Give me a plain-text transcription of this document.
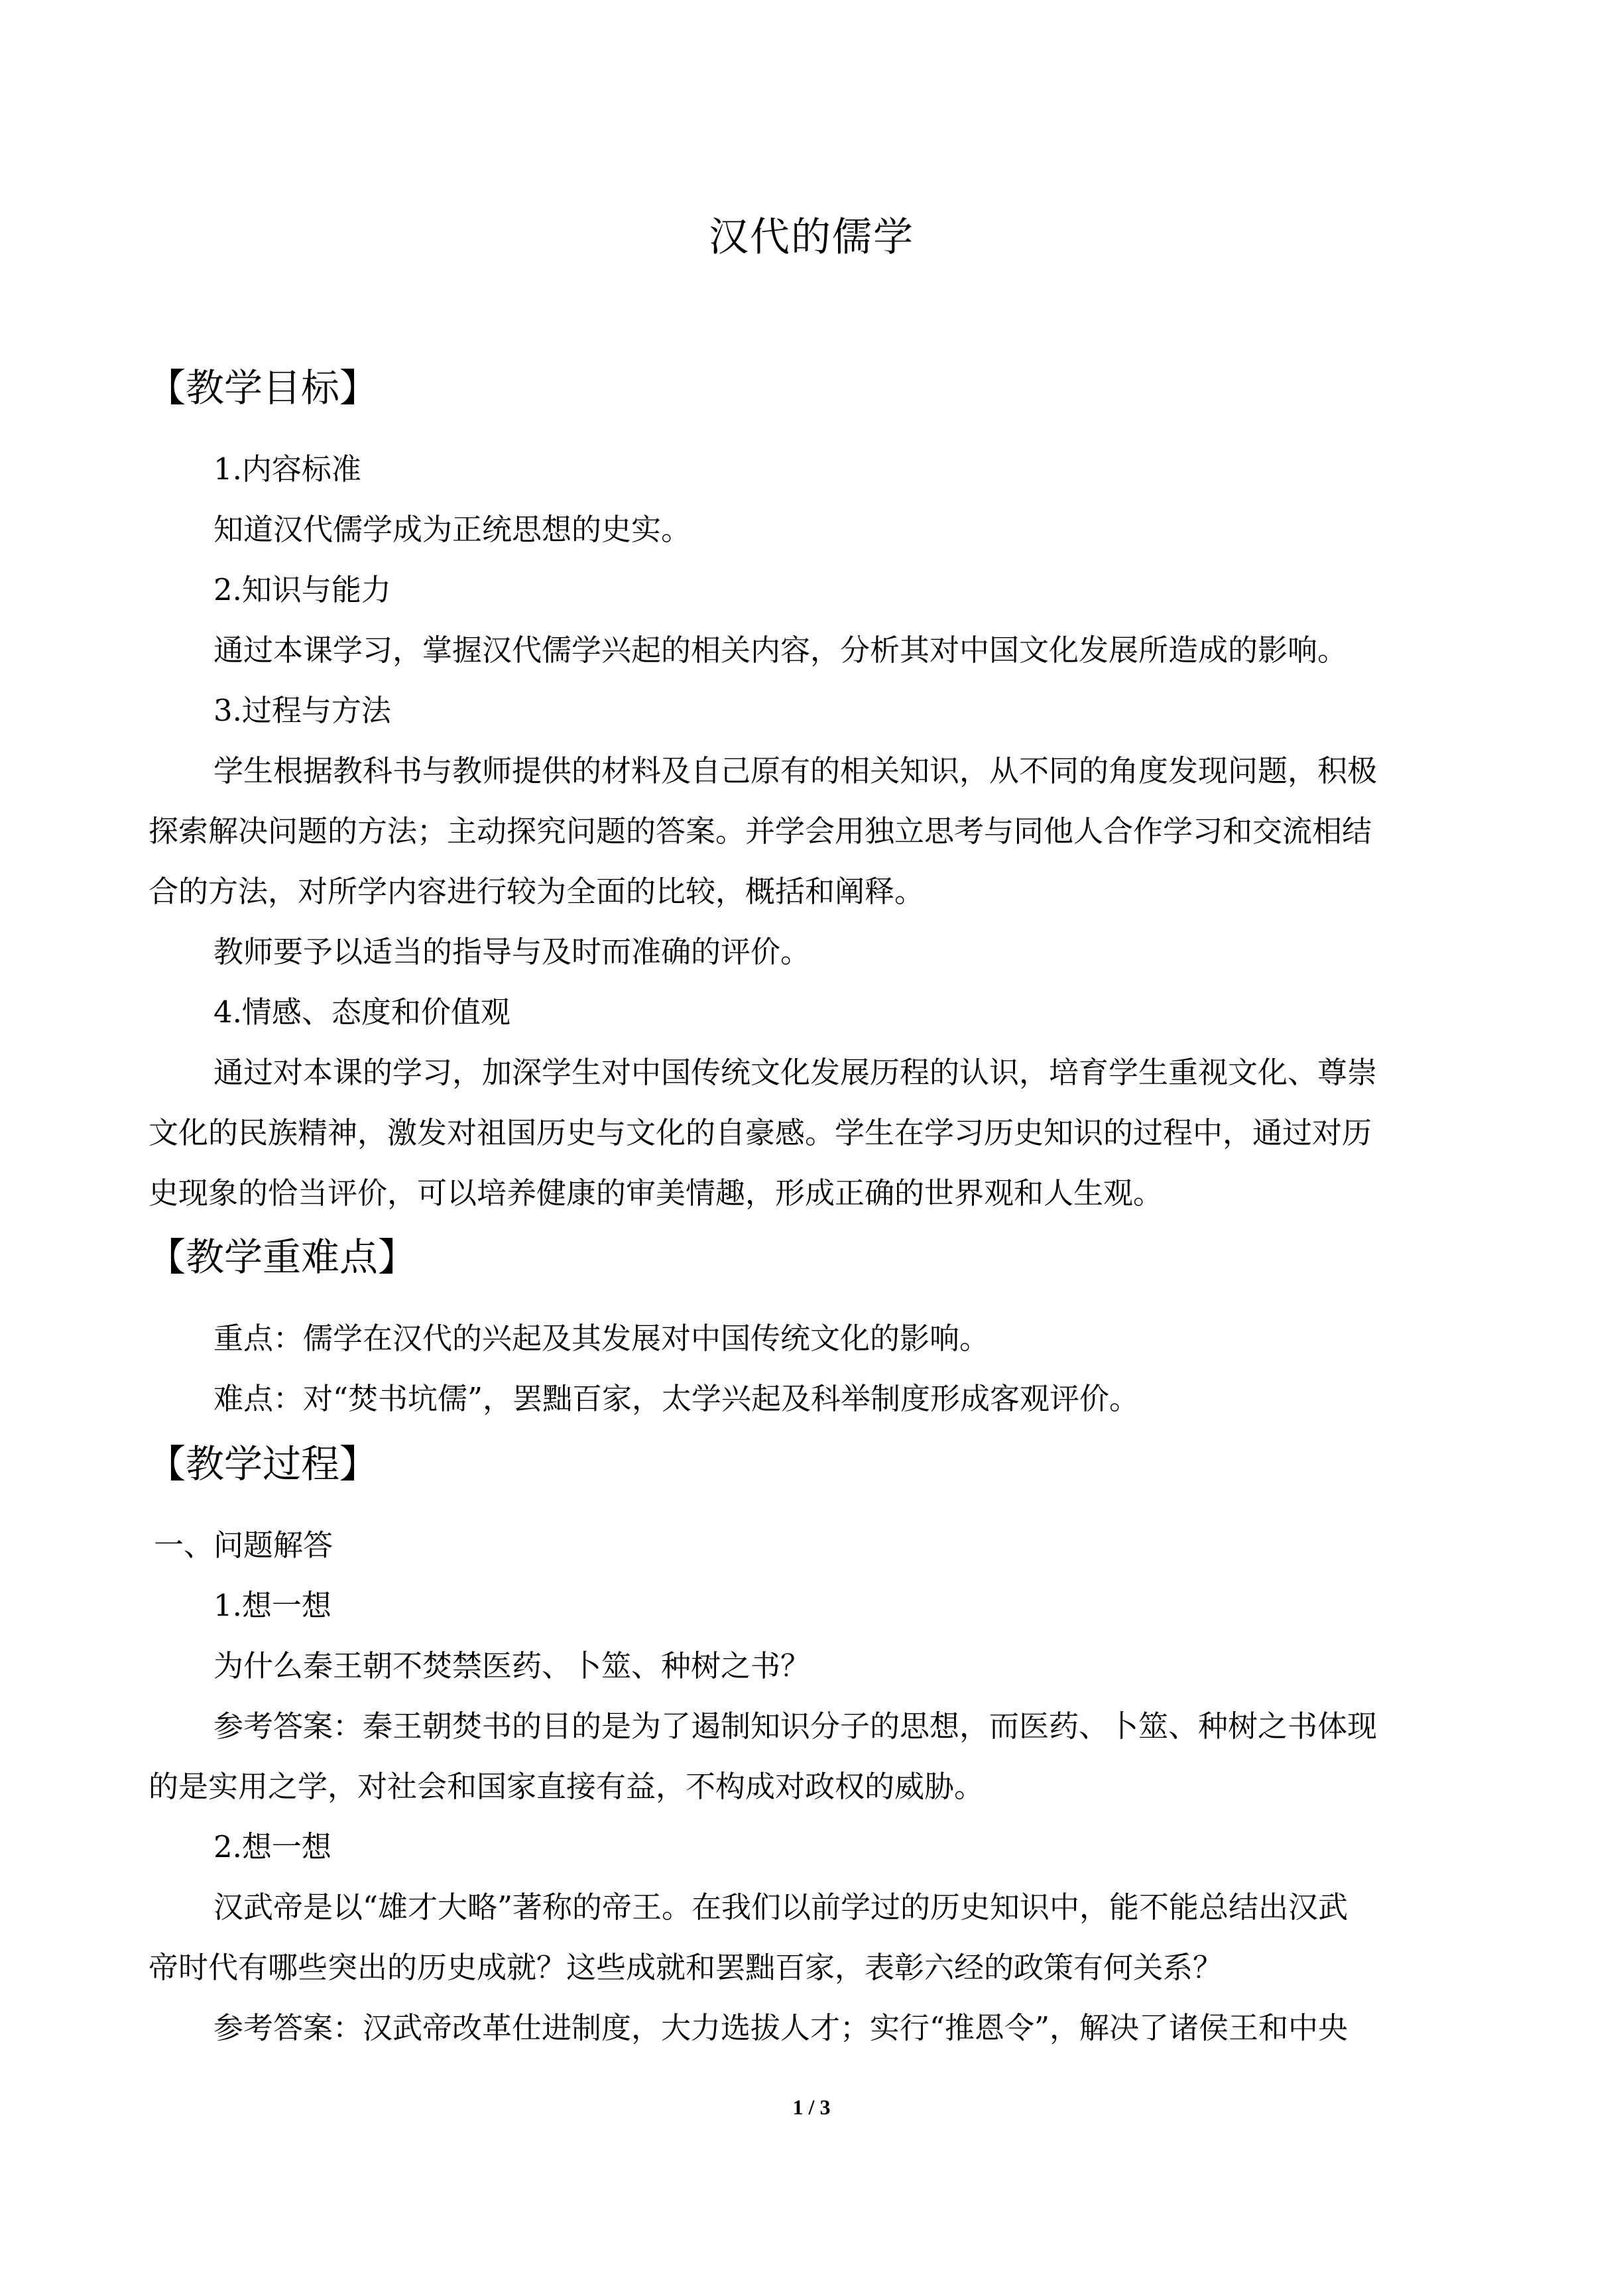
汉代的儒学
【教学目标】
1.内容标准
知道汉代儒学成为正统思想的史实。
2.知识与能力
通过本课学习，掌握汉代儒学兴起的相关内容，分析其对中国文化发展所造成的影响。
3.过程与方法
学生根据教科书与教师提供的材料及自己原有的相关知识，从不同的角度发现问题，积极
探索解决问题的方法；主动探究问题的答案。并学会用独立思考与同他人合作学习和交流相结
合的方法，对所学内容进行较为全面的比较，概括和阐释。
教师要予以适当的指导与及时而准确的评价。
4.情感、态度和价值观
通过对本课的学习，加深学生对中国传统文化发展历程的认识，培育学生重视文化、尊崇
文化的民族精神，激发对祖国历史与文化的自豪感。学生在学习历史知识的过程中，通过对历
史现象的恰当评价，可以培养健康的审美情趣，形成正确的世界观和人生观。
【教学重难点】
重点：儒学在汉代的兴起及其发展对中国传统文化的影响。
难点：对“焚书坑儒”，罢黜百家，太学兴起及科举制度形成客观评价。
【教学过程】
一、问题解答
1.想一想
为什么秦王朝不焚禁医药、卜筮、种树之书？
参考答案：秦王朝焚书的目的是为了遏制知识分子的思想，而医药、卜筮、种树之书体现
的是实用之学，对社会和国家直接有益，不构成对政权的威胁。
2.想一想
汉武帝是以“雄才大略”著称的帝王。在我们以前学过的历史知识中，能不能总结出汉武
帝时代有哪些突出的历史成就？这些成就和罢黜百家，表彰六经的政策有何关系？
参考答案：汉武帝改革仕进制度，大力选拔人才；实行“推恩令”，解决了诸侯王和中央
1 / 3
